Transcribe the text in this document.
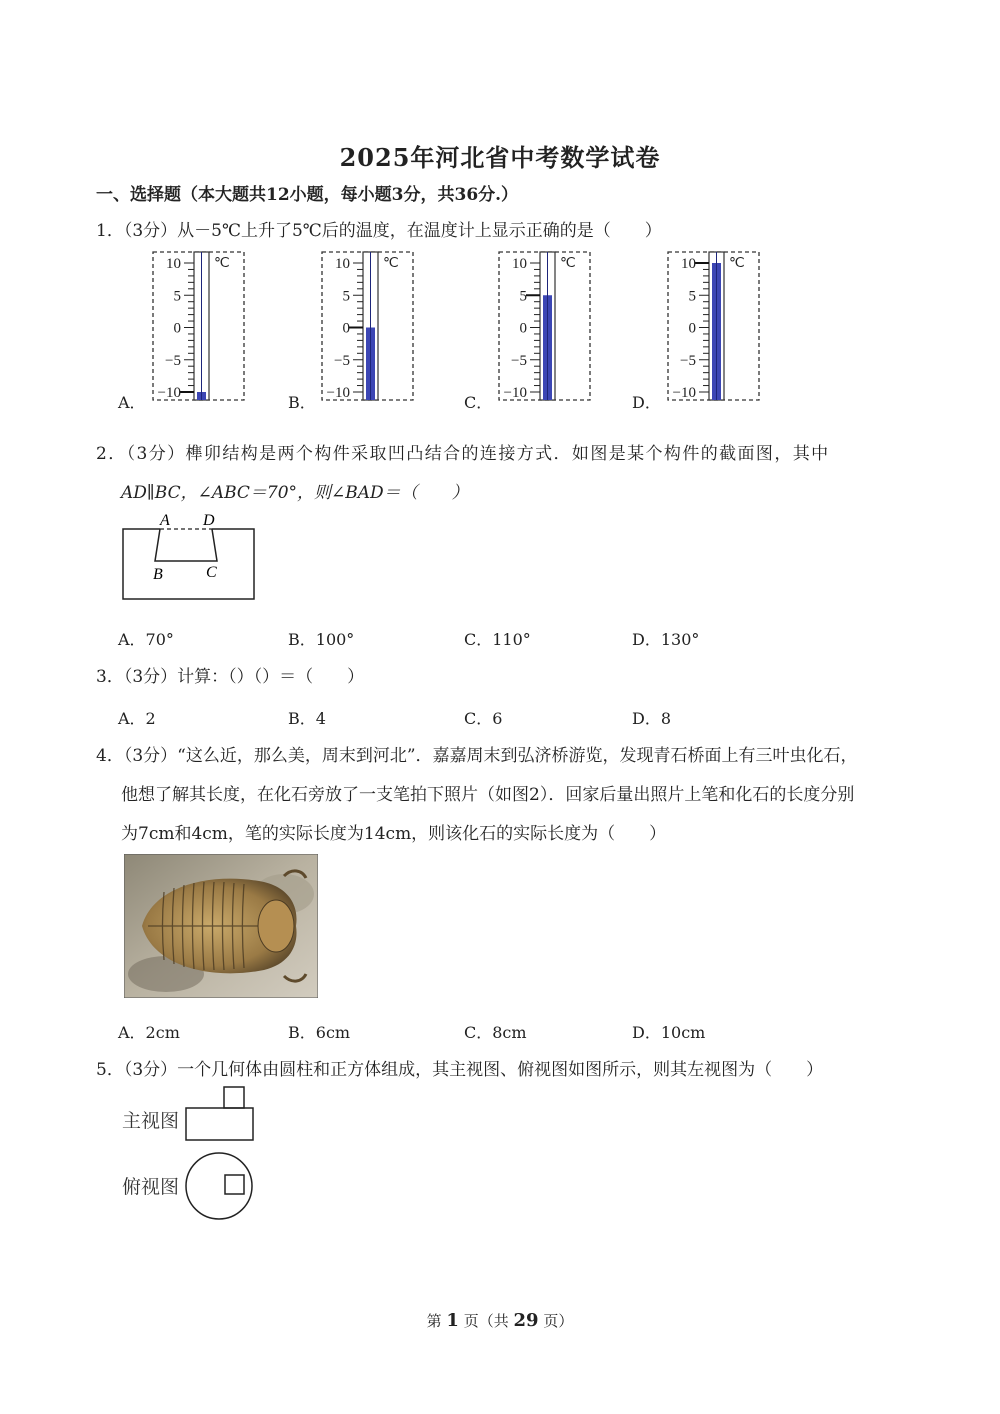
2025年河北省中考数学试卷
一、选择题（本大题共12小题，每小题3分，共36分.）
1．（3分）从－5℃上升了5℃后的温度，在温度计上显示正确的是（　　）
A．	B．	C．	D．
10
5
0
−5
−10
℃	10
5
0
−5
−10
℃	10
5
0
−5
−10
℃	10
5
0
−5
−10
℃
2．（3分）榫卯结构是两个构件采取凹凸结合的连接方式．如图是某个构件的截面图，其中
AD∥BC，∠ABC＝70°，则∠BAD＝（　　）
A D
B	C
A．70°	B．100°	C．110°	D．130°
3．（3分）计算：（）（）＝（　　）
A．2	B．4	C．6	D．8
4．（3分）“这么近，那么美，周末到河北”．嘉嘉周末到弘济桥游览，发现青石桥面上有三叶虫化石，
他想了解其长度，在化石旁放了一支笔拍下照片（如图2）．回家后量出照片上笔和化石的长度分别
为7cm和4cm，笔的实际长度为14cm，则该化石的实际长度为（　　）
A．2cm	B．6cm	C．8cm	D．10cm
5．（3分）一个几何体由圆柱和正方体组成，其主视图、俯视图如图所示，则其左视图为（　　）
主视图
俯视图
第 1 页（共 29 页）
